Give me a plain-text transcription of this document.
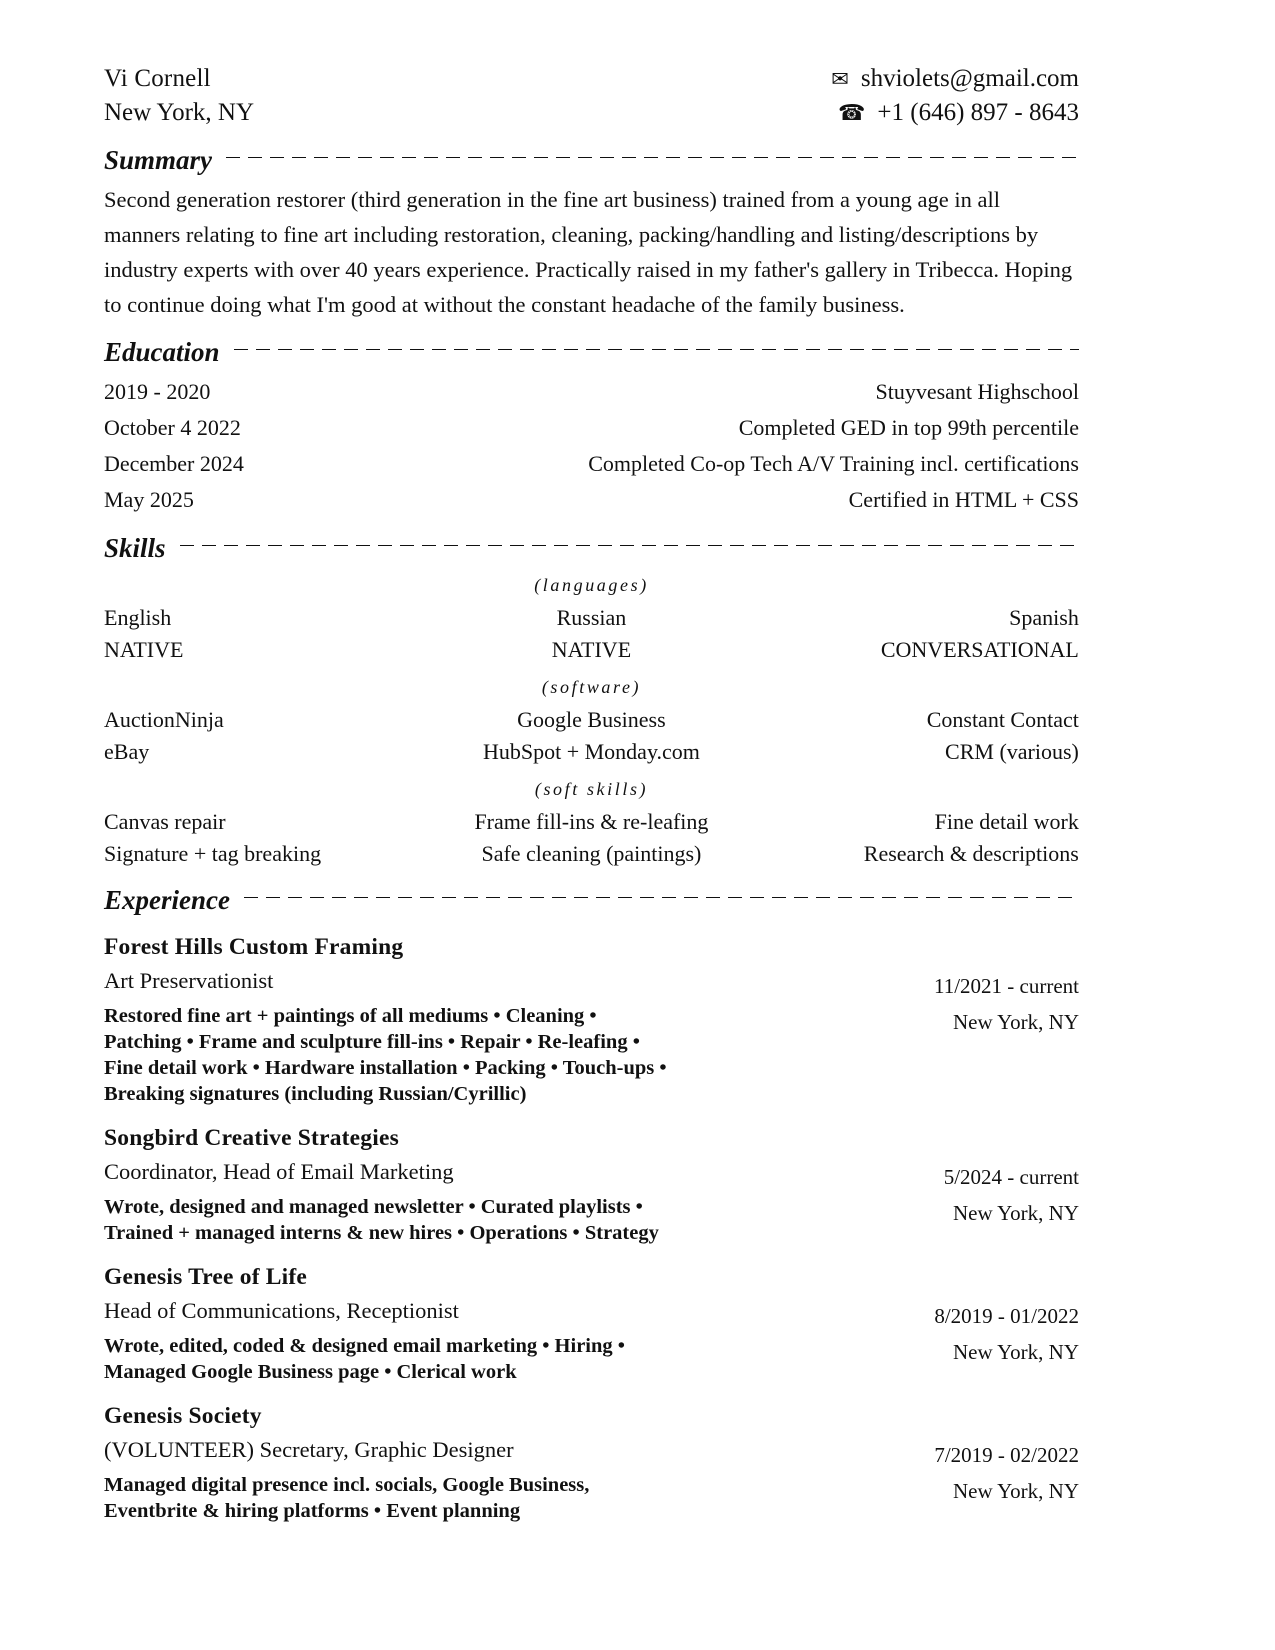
Vi Cornell
New York, NY
✉ shviolets@gmail.com
☎ +1 (646) 897 - 8643
Summary

Second generation restorer (third generation in the fine art business) trained from a young age in all manners relating to fine art including restoration, cleaning, packing/handling and listing/descriptions by industry experts with over 40 years experience. Practically raised in my father's gallery in Tribecca. Hoping to continue doing what I'm good at without the constant headache of the family business.

Education
2019 - 2020	Stuyvesant Highschool
October 4 2022	Completed GED in top 99th percentile
December 2024	Completed Co-op Tech A/V Training incl. certifications
May 2025	Certified in HTML + CSS
Skills
(languages)
English	Russian	Spanish
NATIVE	NATIVE	CONVERSATIONAL
(software)
AuctionNinja	Google Business	Constant Contact
eBay	HubSpot + Monday.com	CRM (various)
(soft skills)
Canvas repair	Frame fill-ins & re-leafing	Fine detail work
Signature + tag breaking	Safe cleaning (paintings)	Research & descriptions
Experience
Forest Hills Custom Framing
Art Preservationist
Restored fine art + paintings of all mediums • Cleaning •
Patching • Frame and sculpture fill-ins • Repair • Re-leafing •
Fine detail work • Hardware installation • Packing • Touch-ups •
Breaking signatures (including Russian/Cyrillic)
11/2021 - current
New York, NY
Songbird Creative Strategies
Coordinator, Head of Email Marketing
Wrote, designed and managed newsletter • Curated playlists •
Trained + managed interns & new hires • Operations • Strategy
5/2024 - current
New York, NY
Genesis Tree of Life
Head of Communications, Receptionist
Wrote, edited, coded & designed email marketing • Hiring •
Managed Google Business page • Clerical work
8/2019 - 01/2022
New York, NY
Genesis Society
(VOLUNTEER) Secretary, Graphic Designer
Managed digital presence incl. socials, Google Business,
Eventbrite & hiring platforms • Event planning
7/2019 - 02/2022
New York, NY
